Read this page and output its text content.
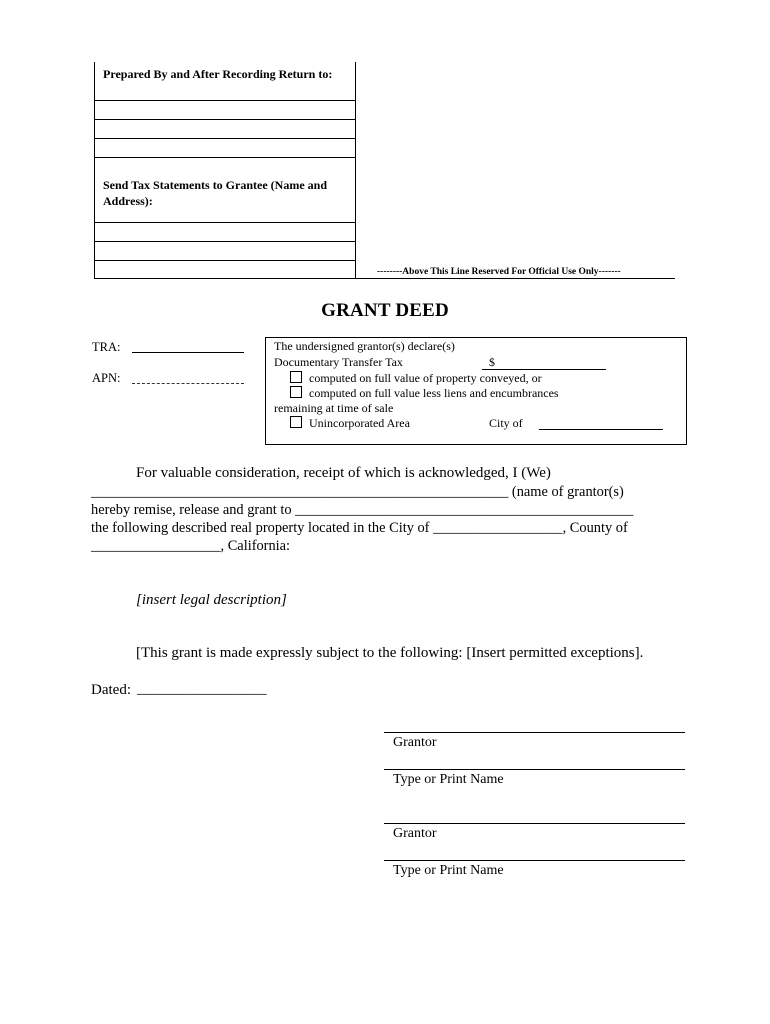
Prepared By and After Recording Return to:
Send Tax Statements to Grantee (Name and Address):
--------Above This Line Reserved For Official Use Only-------
GRANT DEED
TRA:
APN:
The undersigned grantor(s) declare(s)
Documentary Transfer Tax	$
computed on full value of property conveyed, or
computed on full value less liens and encumbrances
remaining at time of sale
Unincorporated Area	City of
For valuable consideration, receipt of which is acknowledged, I (We)
__________________________________________________________ (name of grantor(s)
hereby remise, release and grant to _______________________________________________
the following described real property located in the City of __________________, County of
__________________, California:
[insert legal description]
[This grant is made expressly subject to the following: [Insert permitted exceptions].
Dated: __________________
Grantor
Type or Print Name
Grantor
Type or Print Name
